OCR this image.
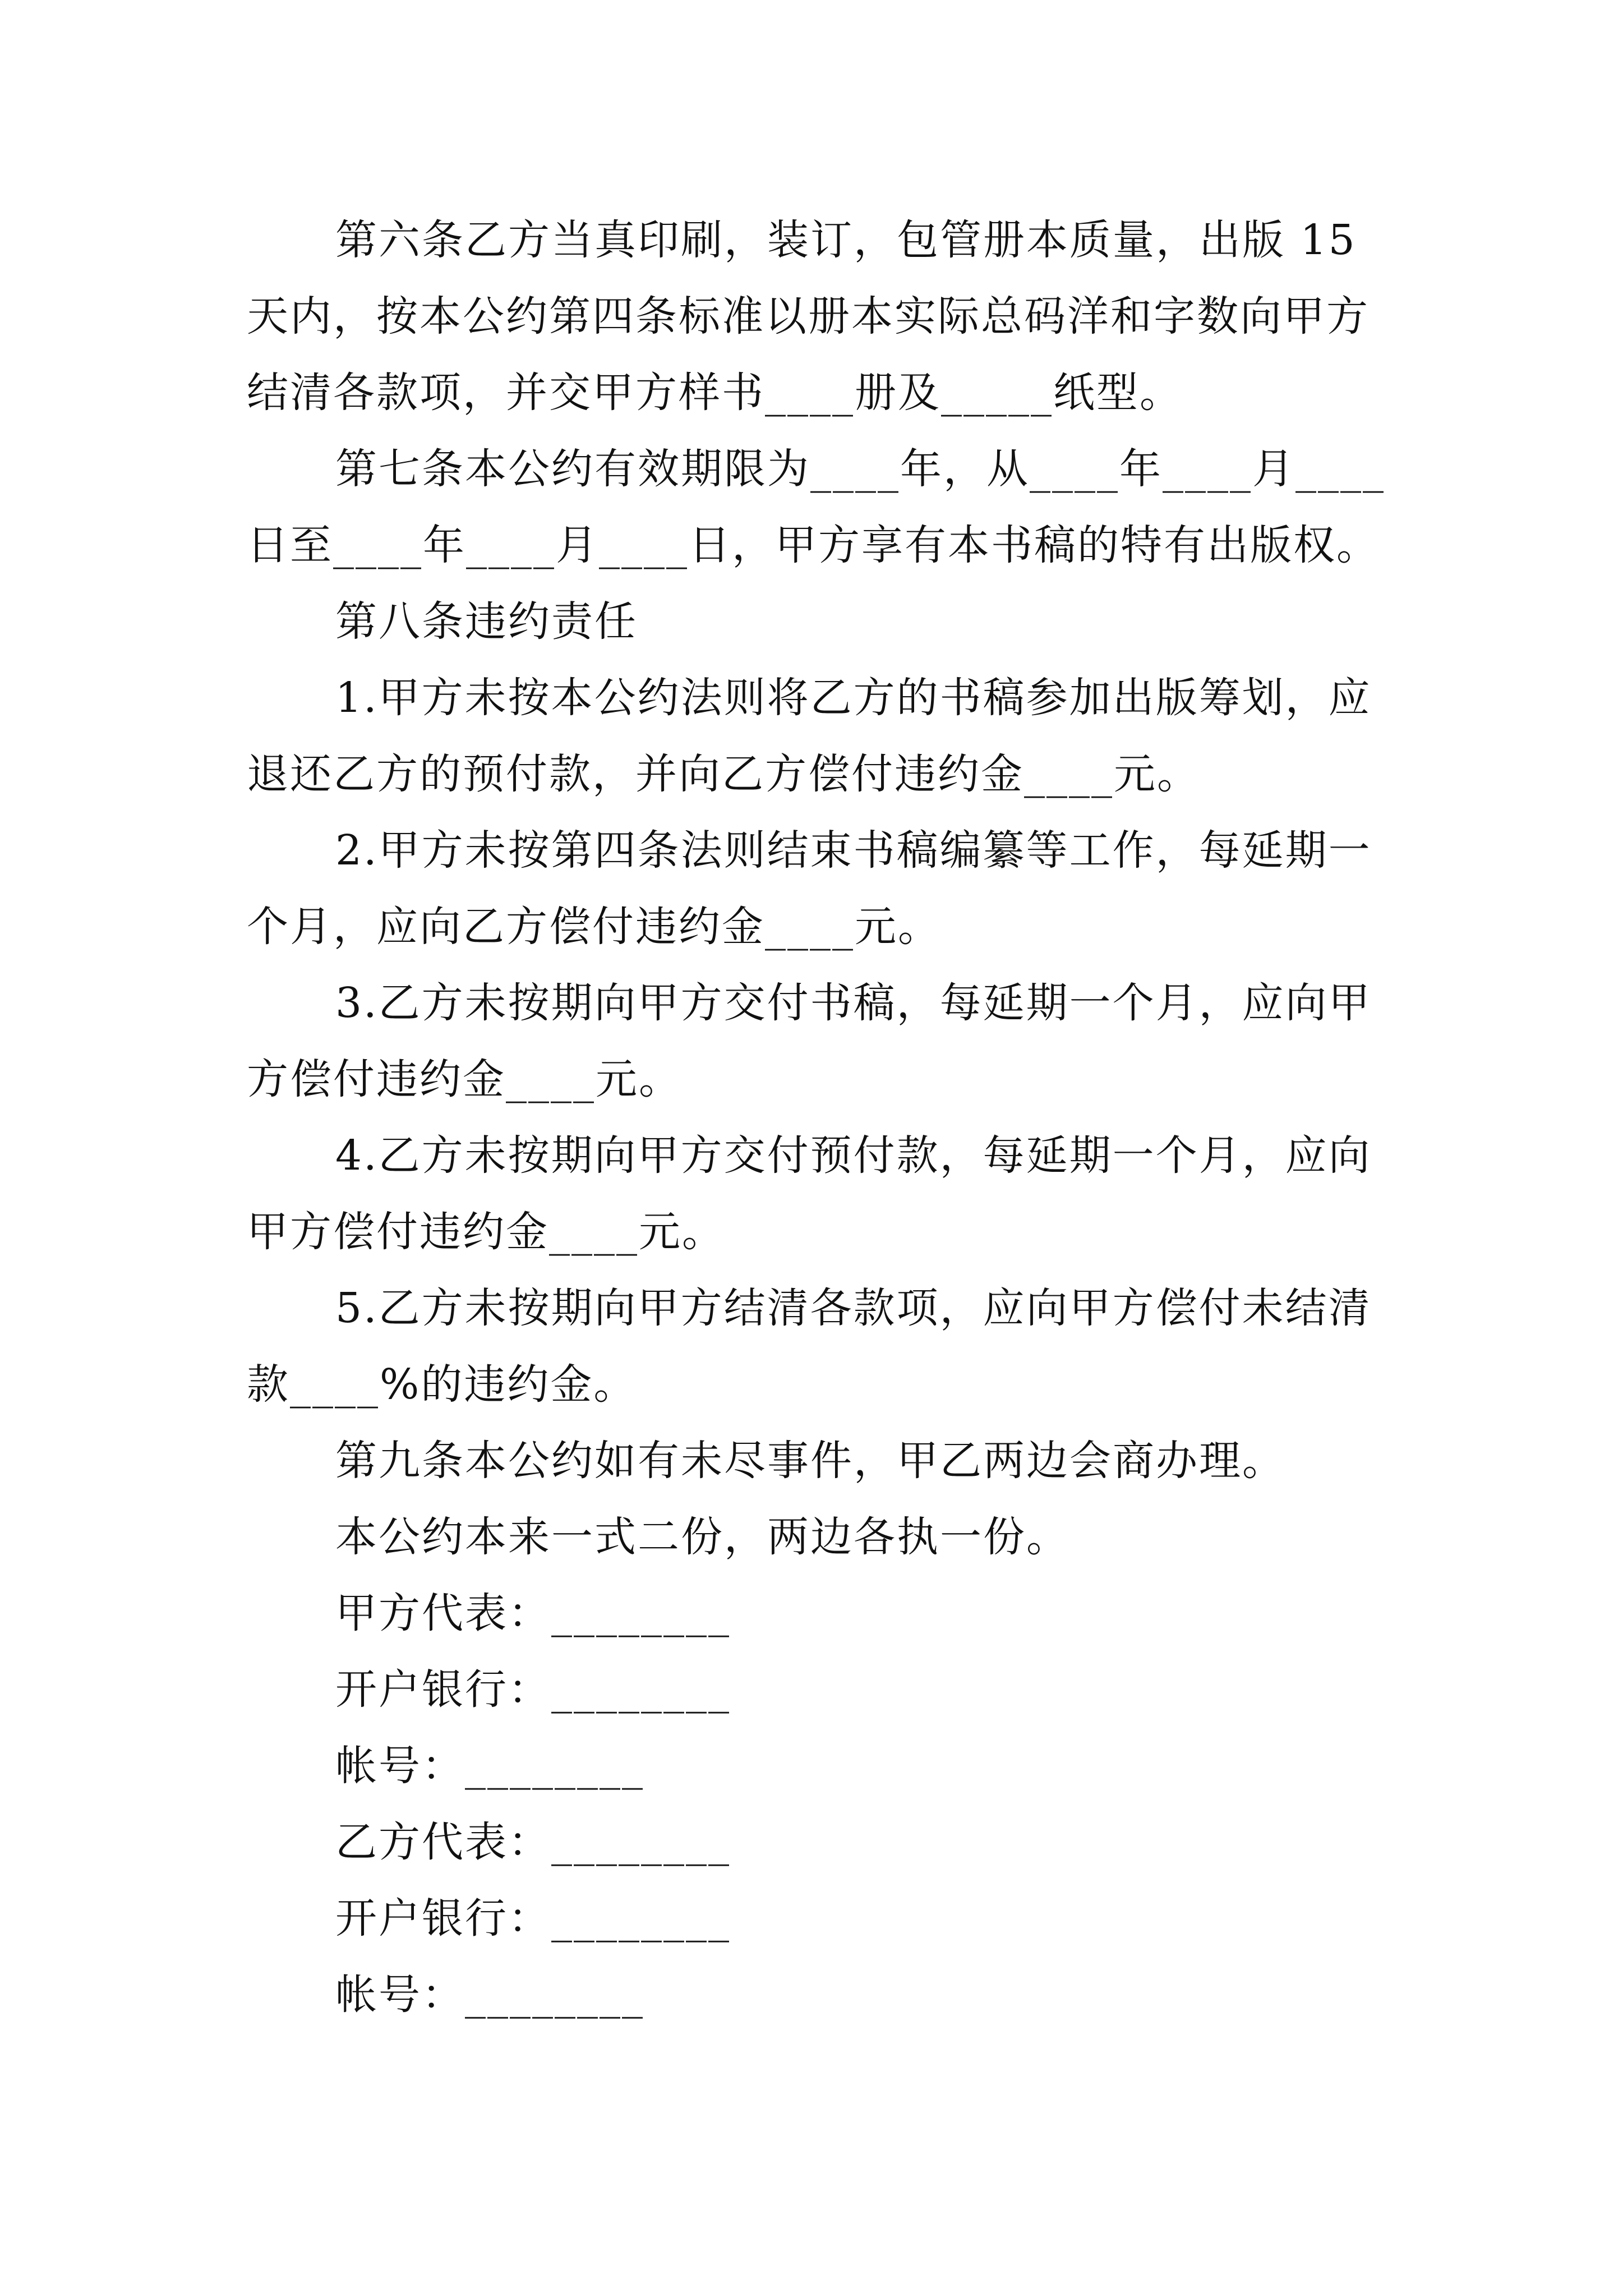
第六条乙方当真印刷，装订，包管册本质量，出版 15 天内，按本公约第四条标准以册本实际总码洋和字数向甲方结清各款项，并交甲方样书____册及_____纸型。

第七条本公约有效期限为____年，从____年____月____日至____年____月____日，甲方享有本书稿的特有出版权。

第八条违约责任

1.甲方未按本公约法则将乙方的书稿参加出版筹划，应退还乙方的预付款，并向乙方偿付违约金____元。

2.甲方未按第四条法则结束书稿编纂等工作，每延期一个月，应向乙方偿付违约金____元。

3.乙方未按期向甲方交付书稿，每延期一个月，应向甲方偿付违约金____元。

4.乙方未按期向甲方交付预付款，每延期一个月，应向甲方偿付违约金____元。

5.乙方未按期向甲方结清各款项，应向甲方偿付未结清款____%的违约金。

第九条本公约如有未尽事件，甲乙两边会商办理。

本公约本来一式二份，两边各执一份。

甲方代表：________

开户银行：________

帐号：________

乙方代表：________

开户银行：________

帐号：________
